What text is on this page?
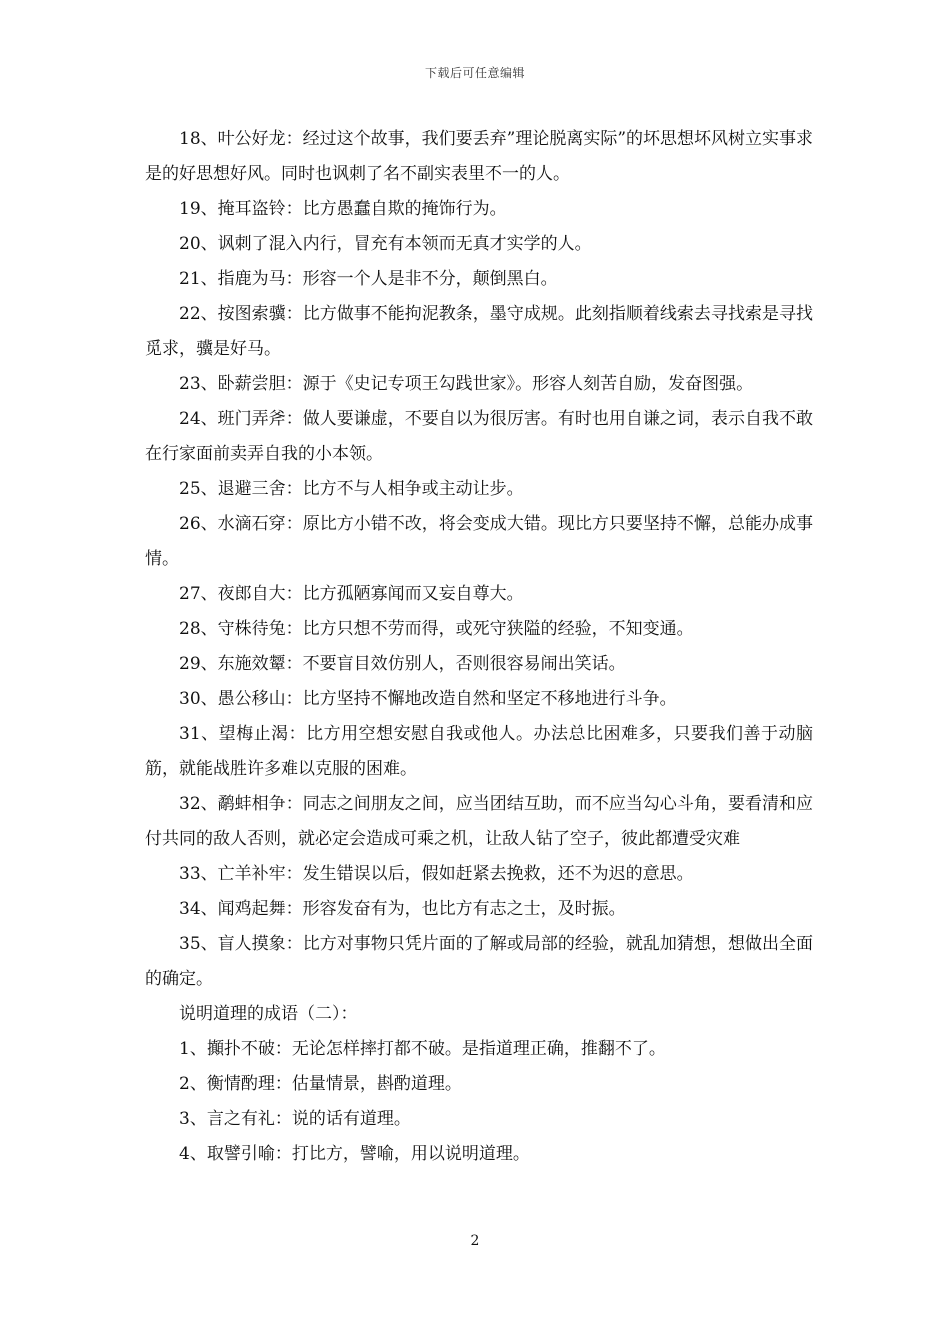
下载后可任意编辑

18、叶公好龙：经过这个故事，我们要丢弃”理论脱离实际”的坏思想坏风树立实事求是的好思想好风。同时也讽刺了名不副实表里不一的人。

19、掩耳盗铃：比方愚蠢自欺的掩饰行为。

20、讽刺了混入内行，冒充有本领而无真才实学的人。

21、指鹿为马：形容一个人是非不分，颠倒黑白。

22、按图索骥：比方做事不能拘泥教条，墨守成规。此刻指顺着线索去寻找索是寻找觅求，骥是好马。

23、卧薪尝胆：源于《史记专项王勾践世家》。形容人刻苦自励，发奋图强。

24、班门弄斧：做人要谦虚，不要自以为很厉害。有时也用自谦之词，表示自我不敢在行家面前卖弄自我的小本领。

25、退避三舍：比方不与人相争或主动让步。

26、水滴石穿：原比方小错不改，将会变成大错。现比方只要坚持不懈，总能办成事情。

27、夜郎自大：比方孤陋寡闻而又妄自尊大。

28、守株待兔：比方只想不劳而得，或死守狭隘的经验，不知变通。

29、东施效颦：不要盲目效仿别人，否则很容易闹出笑话。

30、愚公移山：比方坚持不懈地改造自然和坚定不移地进行斗争。

31、望梅止渴：比方用空想安慰自我或他人。办法总比困难多，只要我们善于动脑筋，就能战胜许多难以克服的困难。

32、鹬蚌相争：同志之间朋友之间，应当团结互助，而不应当勾心斗角，要看清和应付共同的敌人否则，就必定会造成可乘之机，让敌人钻了空子，彼此都遭受灾难

33、亡羊补牢：发生错误以后，假如赶紧去挽救，还不为迟的意思。

34、闻鸡起舞：形容发奋有为，也比方有志之士，及时振。

35、盲人摸象：比方对事物只凭片面的了解或局部的经验，就乱加猜想，想做出全面的确定。

说明道理的成语（二）：

1、攧扑不破：无论怎样摔打都不破。是指道理正确，推翻不了。

2、衡情酌理：估量情景，斟酌道理。

3、言之有礼：说的话有道理。

4、取譬引喻：打比方，譬喻，用以说明道理。

2
